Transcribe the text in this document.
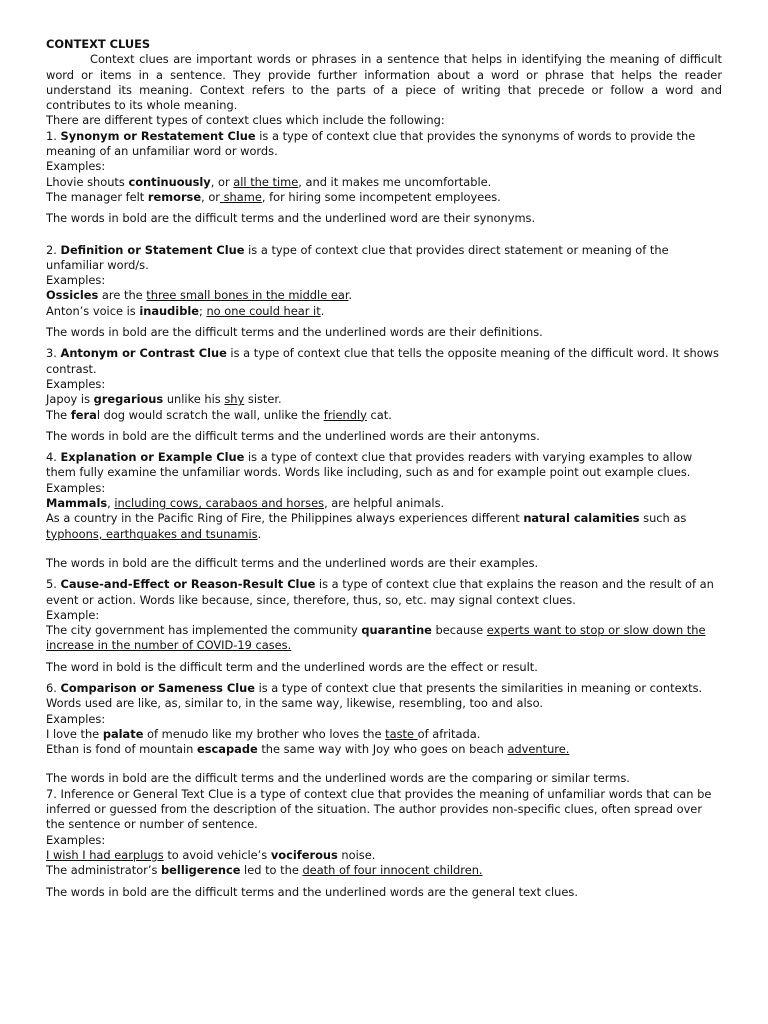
CONTEXT CLUES

Context clues are important words or phrases in a sentence that helps in identifying the meaning of difficult word or items in a sentence. They provide further information about a word or phrase that helps the reader understand its meaning. Context refers to the parts of a piece of writing that precede or follow a word and contributes to its whole meaning.

There are different types of context clues which include the following:

1. Synonym or Restatement Clue is a type of context clue that provides the synonyms of words to provide the meaning of an unfamiliar word or words.

Examples:

Lhovie shouts continuously, or all the time, and it makes me uncomfortable.

The manager felt remorse, or shame, for hiring some incompetent employees.

The words in bold are the difficult terms and the underlined word are their synonyms.

2. Definition or Statement Clue is a type of context clue that provides direct statement or meaning of the unfamiliar word/s.

Examples:

Ossicles are the three small bones in the middle ear.

Anton’s voice is inaudible; no one could hear it.

The words in bold are the difficult terms and the underlined words are their definitions.

3. Antonym or Contrast Clue is a type of context clue that tells the opposite meaning of the difficult word. It shows contrast.

Examples:

Japoy is gregarious unlike his shy sister.

The feral dog would scratch the wall, unlike the friendly cat.

The words in bold are the difficult terms and the underlined words are their antonyms.

4. Explanation or Example Clue is a type of context clue that provides readers with varying examples to allow them fully examine the unfamiliar words. Words like including, such as and for example point out example clues.

Examples:

Mammals, including cows, carabaos and horses, are helpful animals.

As a country in the Pacific Ring of Fire, the Philippines always experiences different natural calamities such as typhoons, earthquakes and tsunamis.

The words in bold are the difficult terms and the underlined words are their examples.

5. Cause-and-Effect or Reason-Result Clue is a type of context clue that explains the reason and the result of an event or action. Words like because, since, therefore, thus, so, etc. may signal context clues.

Example:

The city government has implemented the community quarantine because experts want to stop or slow down the increase in the number of COVID-19 cases.

The word in bold is the difficult term and the underlined words are the effect or result.

6. Comparison or Sameness Clue is a type of context clue that presents the similarities in meaning or contexts. Words used are like, as, similar to, in the same way, likewise, resembling, too and also.

Examples:

I love the palate of menudo like my brother who loves the taste of afritada.

Ethan is fond of mountain escapade the same way with Joy who goes on beach adventure.

The words in bold are the difficult terms and the underlined words are the comparing or similar terms.

7. Inference or General Text Clue is a type of context clue that provides the meaning of unfamiliar words that can be inferred or guessed from the description of the situation. The author provides non-specific clues, often spread over the sentence or number of sentence.

Examples:

I wish I had earplugs to avoid vehicle’s vociferous noise.

The administrator’s belligerence led to the death of four innocent children.

The words in bold are the difficult terms and the underlined words are the general text clues.
